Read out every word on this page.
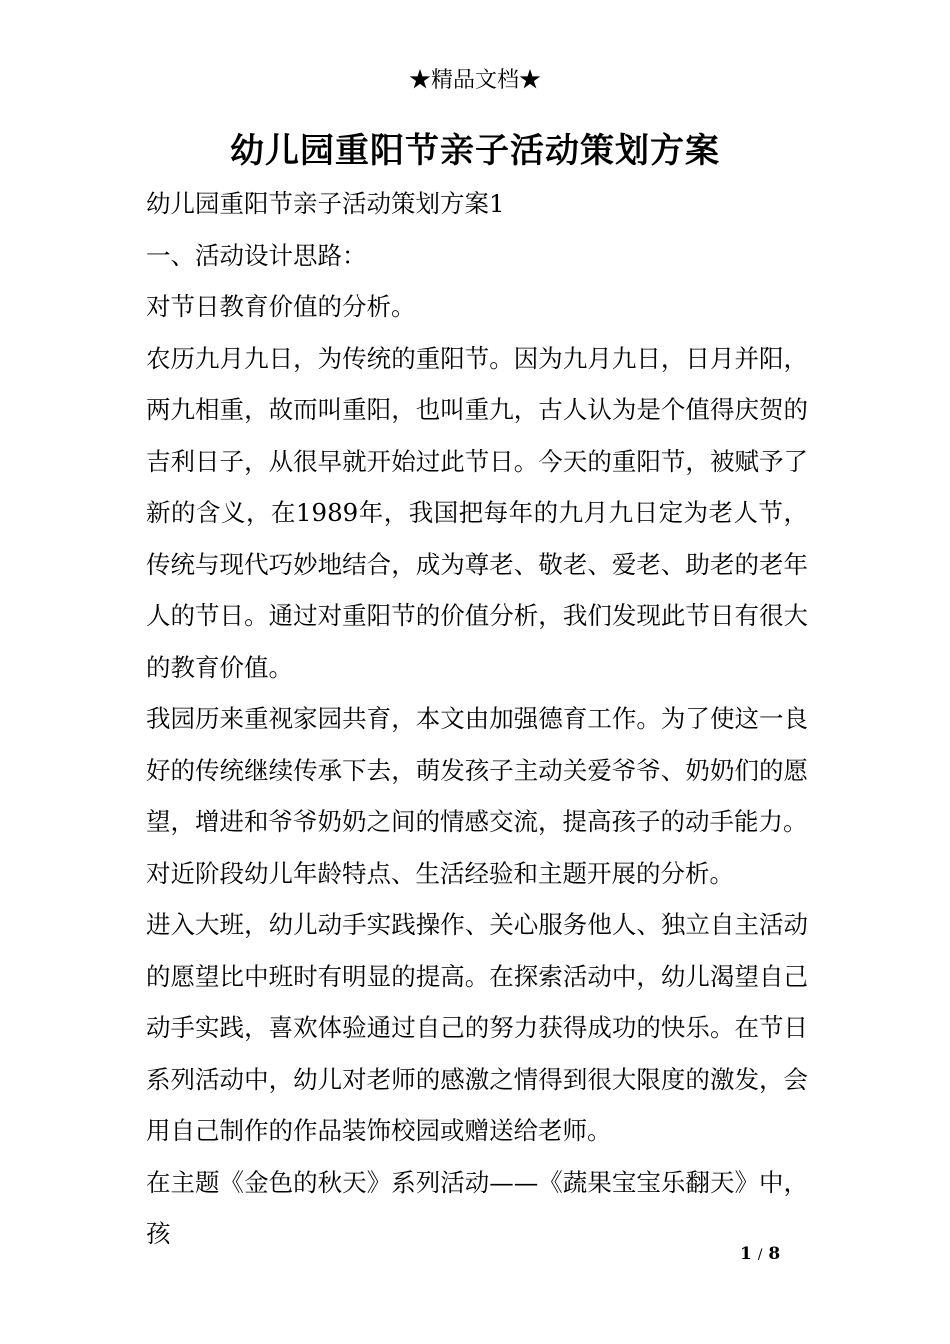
★精品文档★
幼儿园重阳节亲子活动策划方案

幼儿园重阳节亲子活动策划方案1

一、活动设计思路：

对节日教育价值的分析。

农历九月九日，为传统的重阳节。因为九月九日，日月并阳，两九相重，故而叫重阳，也叫重九，古人认为是个值得庆贺的吉利日子，从很早就开始过此节日。今天的重阳节，被赋予了新的含义，在1989年，我国把每年的九月九日定为老人节，传统与现代巧妙地结合，成为尊老、敬老、爱老、助老的老年人的节日。通过对重阳节的价值分析，我们发现此节日有很大的教育价值。

我园历来重视家园共育，本文由加强德育工作。为了使这一良好的传统继续传承下去，萌发孩子主动关爱爷爷、奶奶们的愿望，增进和爷爷奶奶之间的情感交流，提高孩子的动手能力。

对近阶段幼儿年龄特点、生活经验和主题开展的分析。

进入大班，幼儿动手实践操作、关心服务他人、独立自主活动的愿望比中班时有明显的提高。在探索活动中，幼儿渴望自己动手实践，喜欢体验通过自己的努力获得成功的快乐。在节日系列活动中，幼儿对老师的感激之情得到很大限度的激发，会用自己制作的作品装饰校园或赠送给老师。

在主题《金色的秋天》系列活动——《蔬果宝宝乐翻天》中，孩

1 / 8
